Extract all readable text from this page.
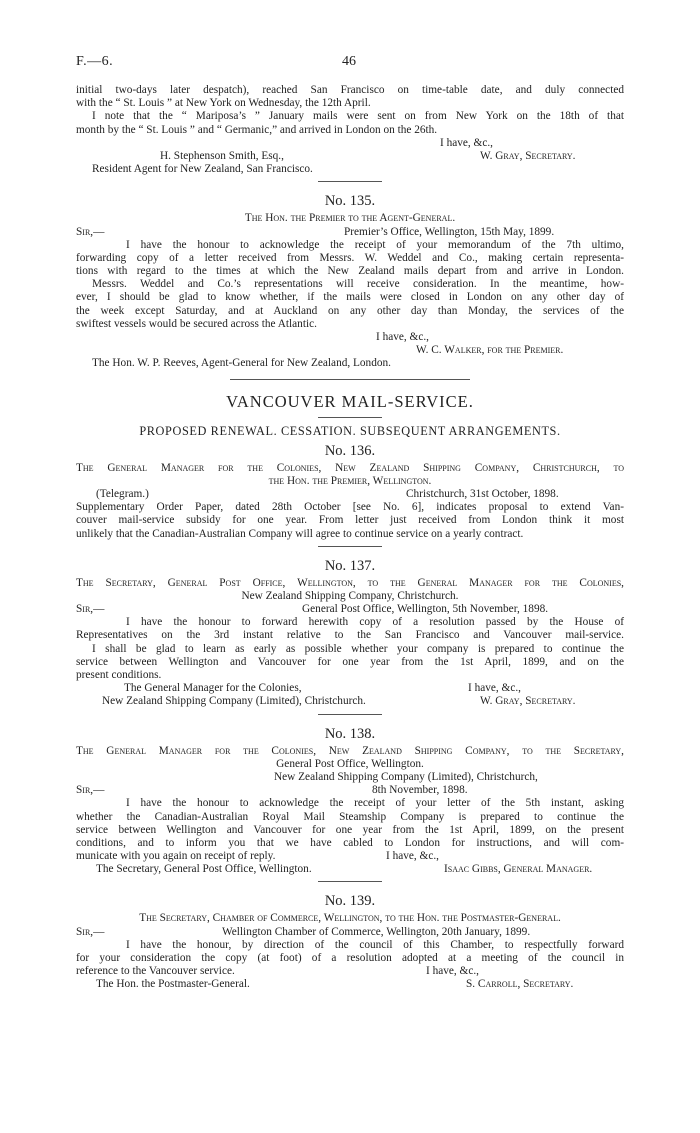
F.—6.	46
initial two-days later despatch), reached San Francisco on time-table date, and duly connected
with the “ St. Louis ” at New York on Wednesday, the 12th April.
I note that the “ Mariposa’s ” January mails were sent on from New York on the 18th of that
month by the “ St. Louis ” and “ Germanic,” and arrived in London on the 26th.
I have, &c.,
H. Stephenson Smith, Esq.,	W. Gray, Secretary.
Resident Agent for New Zealand, San Francisco.
No. 135.
The Hon. the Premier to the Agent-General.
Sir,—	Premier’s Office, Wellington, 15th May, 1899.
I have the honour to acknowledge the receipt of your memorandum of the 7th ultimo,
forwarding copy of a letter received from Messrs. W. Weddel and Co., making certain representa-
tions with regard to the times at which the New Zealand mails depart from and arrive in London.
Messrs. Weddel and Co.’s representations will receive consideration. In the meantime, how-
ever, I should be glad to know whether, if the mails were closed in London on any other day of
the week except Saturday, and at Auckland on any other day than Monday, the services of the
swiftest vessels would be secured across the Atlantic.
I have, &c.,
W. C. Walker, for the Premier.
The Hon. W. P. Reeves, Agent-General for New Zealand, London.
VANCOUVER MAIL-SERVICE.
PROPOSED RENEWAL. CESSATION. SUBSEQUENT ARRANGEMENTS.
No. 136.
The General Manager for the Colonies, New Zealand Shipping Company, Christchurch, to
the Hon. the Premier, Wellington.
(Telegram.)	Christchurch, 31st October, 1898.
Supplementary Order Paper, dated 28th October [see No. 6], indicates proposal to extend Van-
couver mail-service subsidy for one year. From letter just received from London think it most
unlikely that the Canadian-Australian Company will agree to continue service on a yearly contract.
No. 137.
The Secretary, General Post Office, Wellington, to the General Manager for the Colonies,
New Zealand Shipping Company, Christchurch.
Sir,—	General Post Office, Wellington, 5th November, 1898.
I have the honour to forward herewith copy of a resolution passed by the House of
Representatives on the 3rd instant relative to the San Francisco and Vancouver mail-service.
I shall be glad to learn as early as possible whether your company is prepared to continue the
service between Wellington and Vancouver for one year from the 1st April, 1899, and on the
present conditions.
The General Manager for the Colonies,	I have, &c.,
New Zealand Shipping Company (Limited), Christchurch.	W. Gray, Secretary.
No. 138.
The General Manager for the Colonies, New Zealand Shipping Company, to the Secretary,
General Post Office, Wellington.
New Zealand Shipping Company (Limited), Christchurch,
Sir,—	8th November, 1898.
I have the honour to acknowledge the receipt of your letter of the 5th instant, asking
whether the Canadian-Australian Royal Mail Steamship Company is prepared to continue the
service between Wellington and Vancouver for one year from the 1st April, 1899, on the present
conditions, and to inform you that we have cabled to London for instructions, and will com-
municate with you again on receipt of reply.	I have, &c.,
The Secretary, General Post Office, Wellington.	Isaac Gibbs, General Manager.
No. 139.
The Secretary, Chamber of Commerce, Wellington, to the Hon. the Postmaster-General.
Sir,—	Wellington Chamber of Commerce, Wellington, 20th January, 1899.
I have the honour, by direction of the council of this Chamber, to respectfully forward
for your consideration the copy (at foot) of a resolution adopted at a meeting of the council in
reference to the Vancouver service.	I have, &c.,
The Hon. the Postmaster-General.	S. Carroll, Secretary.
